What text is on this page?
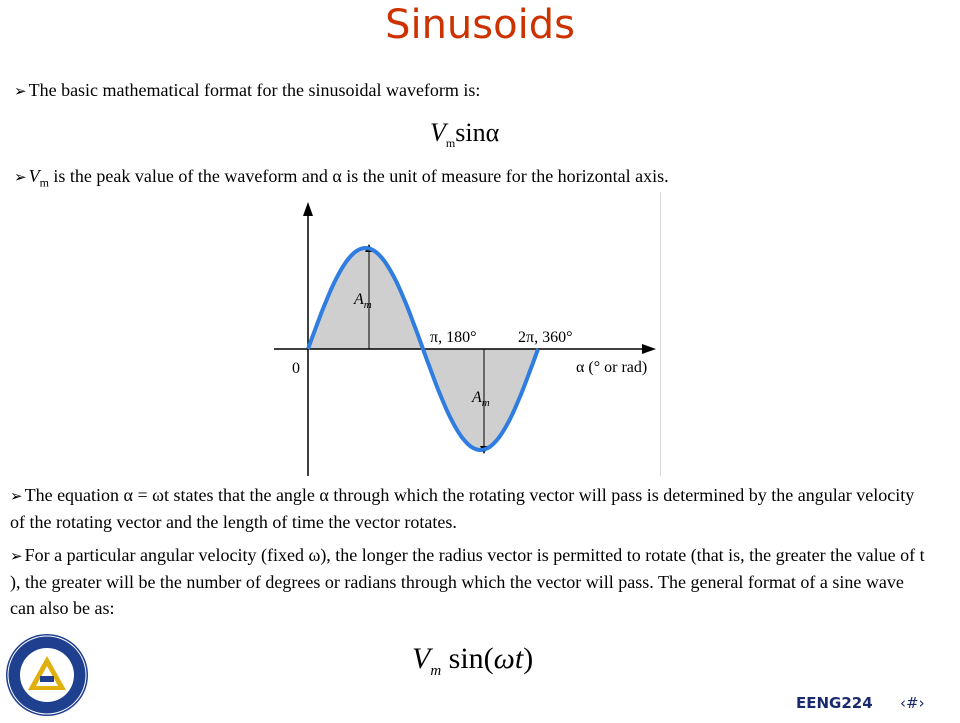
Sinusoids
➢ The basic mathematical format for the sinusoidal waveform is:
$V_m\sin\alpha$
➢ $V_m$ is the peak value of the waveform and α is the unit of measure for the horizontal axis.
0
π, 180°	2π, 360°
α (° or rad)
$A_m$
$A_m$
➢ The equation α = ωt states that the angle α through which the rotating vector will pass is determined by the angular velocity of the rotating vector and the length of time the vector rotates.
➢ For a particular angular velocity (fixed ω), the longer the radius vector is permitted to rotate (that is, the greater the value of t ), the greater will be the number of degrees or radians through which the vector will pass. The general format of a sine wave can also be as:
$V_m$ sin(ωt)
EENG224 ‹#›
